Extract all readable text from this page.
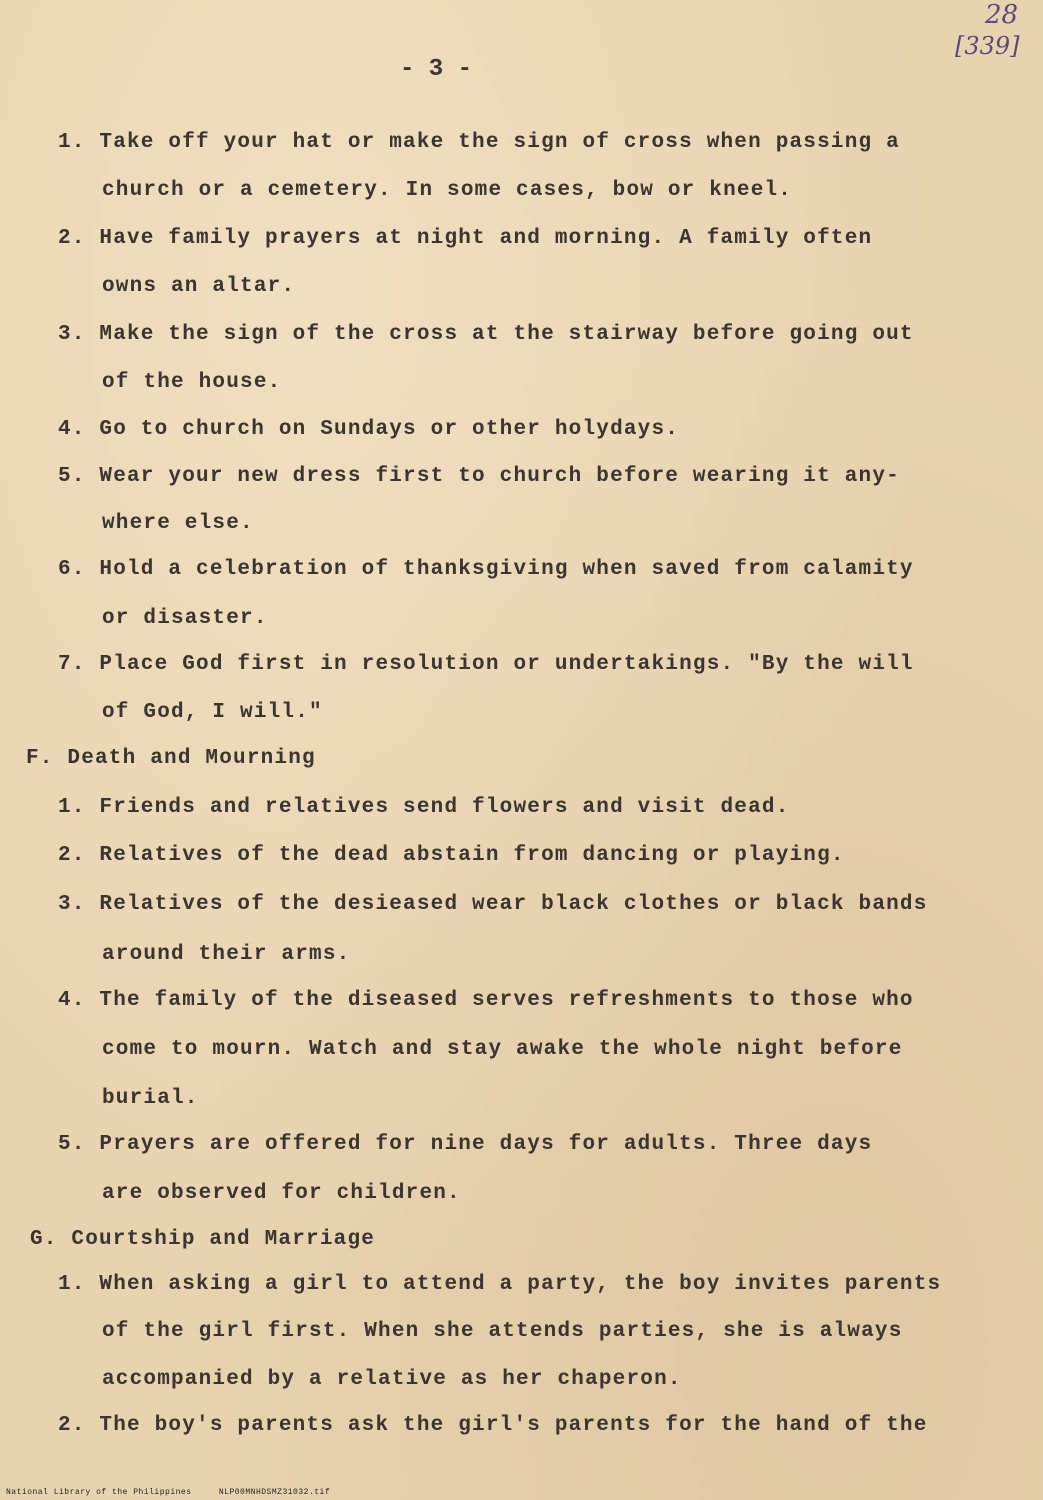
28
[339]
- 3 -
1. Take off your hat or make the sign of cross when passing a
church or a cemetery. In some cases, bow or kneel.
2. Have family prayers at night and morning. A family often
owns an altar.
3. Make the sign of the cross at the stairway before going out
of the house.
4. Go to church on Sundays or other holydays.
5. Wear your new dress first to church before wearing it any-
where else.
6. Hold a celebration of thanksgiving when saved from calamity
or disaster.
7. Place God first in resolution or undertakings. "By the will
of God, I will."
F. Death and Mourning
1. Friends and relatives send flowers and visit dead.
2. Relatives of the dead abstain from dancing or playing.
3. Relatives of the desieased wear black clothes or black bands
around their arms.
4. The family of the diseased serves refreshments to those who
come to mourn. Watch and stay awake the whole night before
burial.
5. Prayers are offered for nine days for adults. Three days
are observed for children.
G. Courtship and Marriage
1. When asking a girl to attend a party, the boy invites parents
of the girl first. When she attends parties, she is always
accompanied by a relative as her chaperon.
2. The boy's parents ask the girl's parents for the hand of the
National Library of the Philippines	NLP00MNHDSMZ31032.tif
